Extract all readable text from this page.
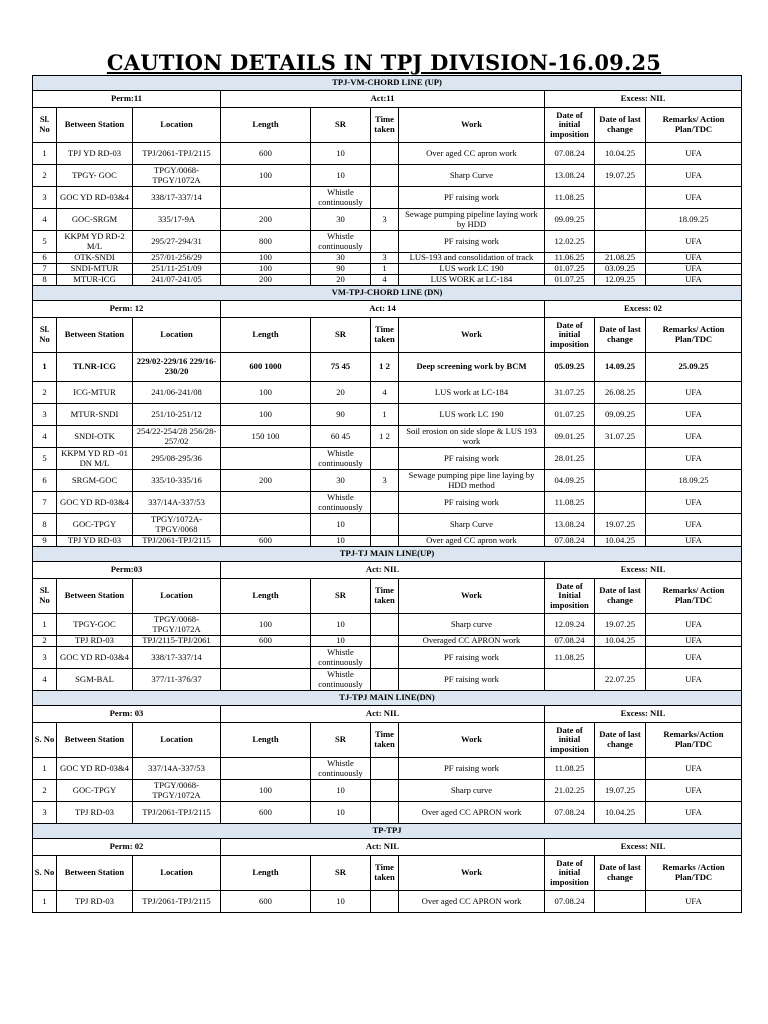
CAUTION DETAILS IN TPJ DIVISION-16.09.25
TPJ-VM-CHORD LINE (UP)									
Perm:11			Act:11				Excess: NIL		
Sl. No	Between Station	Location	Length	SR	Time taken	Work	Date of initial imposition	Date of last change	Remarks/ Action Plan/TDC
1	TPJ YD RD-03	TPJ/2061-TPJ/2115	600	10		Over aged CC apron work	07.08.24	10.04.25	UFA
2	TPGY- GOC	TPGY/0068-TPGY/1072A	100	10		Sharp Curve	13.08.24	19.07.25	UFA
3	GOC YD RD-03&4	338/17-337/14		Whistle continuously		PF raising work	11.08.25		UFA
4	GOC-SRGM	335/17-9A	200	30	3	Sewage pumping pipeline laying work by HDD	09.09.25		18.09.25
5	KKPM YD RD-2 M/L	295/27-294/31	800	Whistle continuously		PF raising work	12.02.25		UFA
6	OTK-SNDI	257/01-256/29	100	30	3	LUS-193 and consolidation of track	11.06.25	21.08.25	UFA
7	SNDI-MTUR	251/11-251/09	100	90	1	LUS work LC 190	01.07.25	03.09.25	UFA
8	MTUR-ICG	241/07-241/05	200	20	4	LUS WORK at LC-184	01.07.25	12.09.25	UFA
VM-TPJ-CHORD LINE (DN)									
Perm: 12			Act: 14				Excess: 02		
Sl. No	Between Station	Location	Length	SR	Time taken	Work	Date of initial imposition	Date of last change	Remarks/ Action Plan/TDC
1	TLNR-ICG	229/02-229/16 229/16-230/20	600 1000	75 45	1 2	Deep screening work by BCM	05.09.25	14.09.25	25.09.25
2	ICG-MTUR	241/06-241/08	100	20	4	LUS work at LC-184	31.07.25	26.08.25	UFA
3	MTUR-SNDI	251/10-251/12	100	90	1	LUS work LC 190	01.07.25	09.09.25	UFA
4	SNDI-OTK	254/22-254/28 256/28-257/02	150 100	60 45	1 2	Soil erosion on side slope & LUS 193 work	09.01.25	31.07.25	UFA
5	KKPM YD RD -01 DN M/L	295/08-295/36		Whistle continuously		PF raising work	28.01.25		UFA
6	SRGM-GOC	335/10-335/16	200	30	3	Sewage pumping pipe line laying by HDD method	04.09.25		18.09.25
7	GOC YD RD-03&4	337/14A-337/53		Whistle continuously		PF raising work	11.08.25		UFA
8	GOC-TPGY	TPGY/1072A-TPGY/0068		10		Sharp Curve	13.08.24	19.07.25	UFA
9	TPJ YD RD-03	TPJ/2061-TPJ/2115	600	10		Over aged CC apron work	07.08.24	10.04.25	UFA
TPJ-TJ MAIN LINE(UP)									
Perm:03			Act: NIL				Excess: NIL		
Sl. No	Between Station	Location	Length	SR	Time taken	Work	Date of Initial imposition	Date of last change	Remarks/ Action Plan/TDC
1	TPGY-GOC	TPGY/0068-TPGY/1072A	100	10		Sharp curve	12.09.24	19.07.25	UFA
2	TPJ RD-03	TPJ/2115-TPJ/2061	600	10		Overaged CC APRON work	07.08.24	10.04.25	UFA
3	GOC YD RD-03&4	338/17-337/14		Whistle continuously		PF raising work	11.08.25		UFA
4	SGM-BAL	377/11-376/37		Whistle continuously		PF raising work		22.07.25	UFA
TJ-TPJ MAIN LINE(DN)									
Perm: 03			Act: NIL				Excess: NIL		
S. No	Between Station	Location	Length	SR	Time taken	Work	Date of initial imposition	Date of last change	Remarks/Action Plan/TDC
1	GOC YD RD-03&4	337/14A-337/53		Whistle continuously		PF raising work	11.08.25		UFA
2	GOC-TPGY	TPGY/0068-TPGY/1072A	100	10		Sharp curve	21.02.25	19.07.25	UFA
3	TPJ RD-03	TPJ/2061-TPJ/2115	600	10		Over aged CC APRON work	07.08.24	10.04.25	UFA
TP-TPJ									
Perm: 02			Act: NIL				Excess: NIL		
S. No	Between Station	Location	Length	SR	Time taken	Work	Date of initial imposition	Date of last change	Remarks /Action Plan/TDC
1	TPJ RD-03	TPJ/2061-TPJ/2115	600	10		Over aged CC APRON work	07.08.24		UFA
